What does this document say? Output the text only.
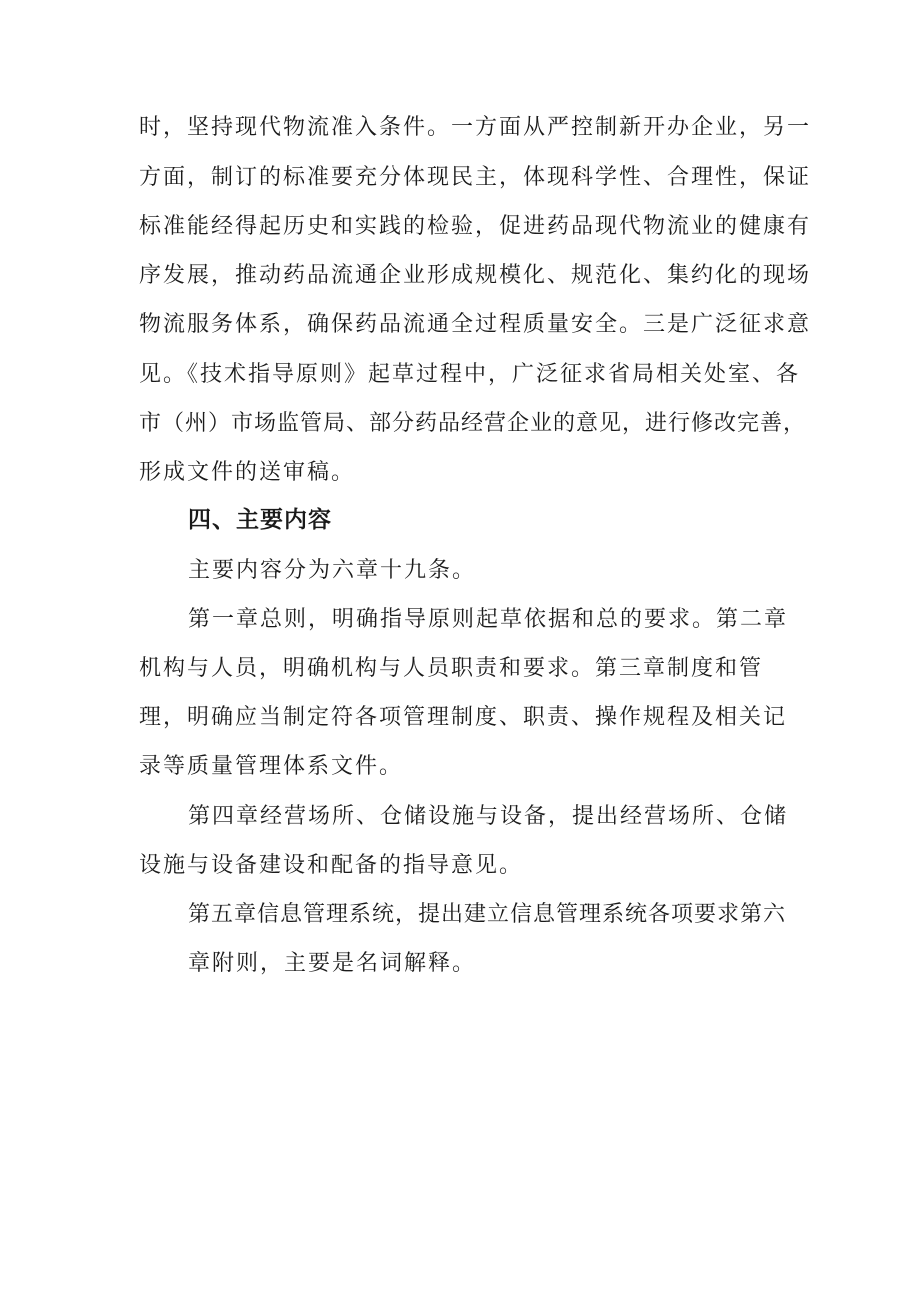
时，坚持现代物流准入条件。一方面从严控制新开办企业，另一
方面，制订的标准要充分体现民主，体现科学性、合理性，保证
标准能经得起历史和实践的检验，促进药品现代物流业的健康有
序发展，推动药品流通企业形成规模化、规范化、集约化的现场
物流服务体系，确保药品流通全过程质量安全。三是广泛征求意
见。《技术指导原则》起草过程中，广泛征求省局相关处室、各
市（州）市场监管局、部分药品经营企业的意见，进行修改完善，
形成文件的送审稿。
四、主要内容
主要内容分为六章十九条。
第一章总则，明确指导原则起草依据和总的要求。第二章
机构与人员，明确机构与人员职责和要求。第三章制度和管
理，明确应当制定符各项管理制度、职责、操作规程及相关记
录等质量管理体系文件。
第四章经营场所、仓储设施与设备，提出经营场所、仓储
设施与设备建设和配备的指导意见。
第五章信息管理系统，提出建立信息管理系统各项要求第六
章附则，主要是名词解释。
